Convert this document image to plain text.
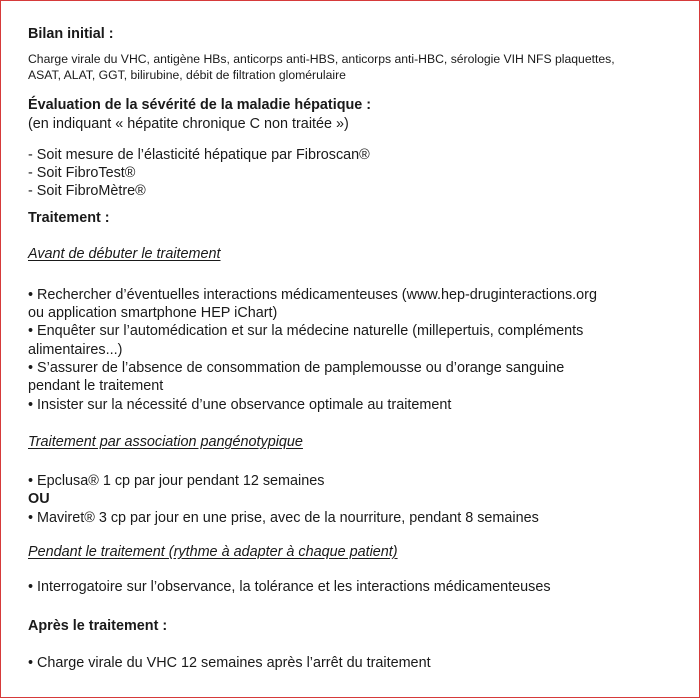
Bilan initial :
Charge virale du VHC, antigène HBs, anticorps anti-HBS, anticorps anti-HBC, sérologie VIH NFS plaquettes,
ASAT, ALAT, GGT, bilirubine, débit de filtration glomérulaire
Évaluation de la sévérité de la maladie hépatique :
(en indiquant « hépatite chronique C non traitée »)
- Soit mesure de l’élasticité hépatique par Fibroscan®
- Soit FibroTest®
- Soit FibroMètre®
Traitement :
Avant de débuter le traitement
• Rechercher d’éventuelles interactions médicamenteuses (www.hep-druginteractions.org
ou application smartphone HEP iChart)
• Enquêter sur l’automédication et sur la médecine naturelle (millepertuis, compléments
alimentaires...)
• S’assurer de l’absence de consommation de pamplemousse ou d’orange sanguine
pendant le traitement
• Insister sur la nécessité d’une observance optimale au traitement
Traitement par association pangénotypique
• Epclusa® 1 cp par jour pendant 12 semaines
OU
• Maviret® 3 cp par jour en une prise, avec de la nourriture, pendant 8 semaines
Pendant le traitement (rythme à adapter à chaque patient)
• Interrogatoire sur l’observance, la tolérance et les interactions médicamenteuses
Après le traitement :
• Charge virale du VHC 12 semaines après l’arrêt du traitement
